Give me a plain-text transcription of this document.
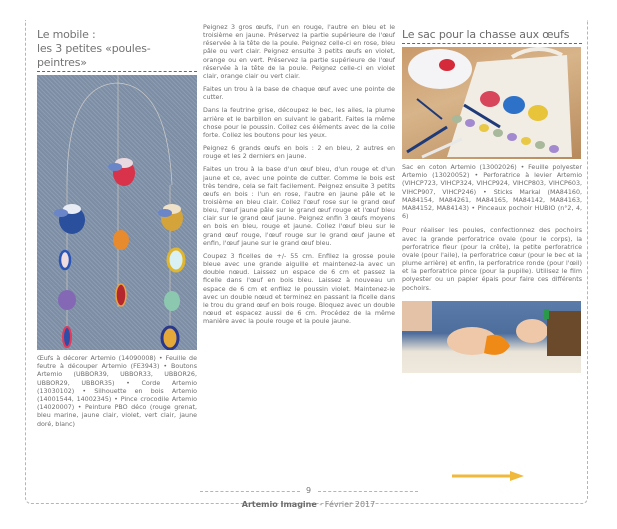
Le mobile :
les 3 petites «poules- peintres»
Œufs à décorer Artemio (14090008) • Feuille de feutre à découper Artemio (FE3943) • Boutons Artemio (UBBOR39, UBBOR33, UBBOR26, UBBOR29, UBBOR35) • Corde Artemio (13030102) • Silhouette en bois Artemio (14001544, 14002345) • Pince crocodile Artemio (14020007) • Peinture PBO déco (rouge grenat, bleu marine, jaune clair, violet, vert clair, jaune doré, blanc)

Peignez 3 gros œufs, l'un en rouge, l'autre en bleu et le troisième en jaune. Préservez la partie supérieure de l'œuf réservée à la tête de la poule. Peignez celle-ci en rose, bleu pâle ou vert clair. Peignez ensuite 3 petits œufs en violet, orange ou en vert. Préservez la partie supérieure de l'œuf réservée à la tête de la poule. Peignez celle-ci en violet clair, orange clair ou vert clair.

Faites un trou à la base de chaque œuf avec une pointe de cutter.

Dans la feutrine grise, découpez le bec, les ailes, la plume arrière et le barbillon en suivant le gabarit. Faites la même chose pour le poussin. Collez ces éléments avec de la colle forte. Collez les boutons pour les yeux.

Peignez 6 grands œufs en bois : 2 en bleu, 2 autres en rouge et les 2 derniers en jaune.

Faites un trou à la base d'un œuf bleu, d'un rouge et d'un jaune et ce, avec une pointe de cutter. Comme le bois est très tendre, cela se fait facilement. Peignez ensuite 3 petits œufs en bois : l'un en rose, l'autre en jaune pâle et le troisième en bleu clair. Collez l'œuf rose sur le grand œuf bleu, l'œuf jaune pâle sur le grand œuf rouge et l'œuf bleu clair sur le grand œuf jaune. Peignez enfin 3 œufs moyens en bois en bleu, rouge et jaune. Collez l'œuf bleu sur le grand œuf rouge, l'œuf rouge sur le grand œuf jaune et enfin, l'œuf jaune sur le grand œuf bleu.

Coupez 3 ficelles de +/- 55 cm. Enfilez la grosse poule bleue avec une grande aiguille et maintenez-la avec un double nœud. Laissez un espace de 6 cm et passez la ficelle dans l'œuf en bois bleu. Laissez à nouveau un espace de 6 cm et enfilez le poussin violet. Maintenez-le avec un double nœud et terminez en passant la ficelle dans le trou du grand œuf en bois rouge. Bloquez avec un double nœud et espacez aussi de 6 cm. Procédez de la même manière avec la poule rouge et la poule jaune.

Le sac pour la chasse aux œufs
Sac en coton Artemio (13002026) • Feuille polyester Artemio (13020052) • Perforatrice à levier Artemio (VIHCP723, VIHCP324, VIHCP924, VIHCP803, VIHCP603, VIHCP907, VIHCP246) • Sticks Markal (MA84160, MA84154, MA84261, MA84165, MA84142, MA84163, MA84152, MA84143) • Pinceaux pochoir HUBIO (n°2, 4, 6)

Pour réaliser les poules, confectionnez des pochoirs avec la grande perforatrice ovale (pour le corps), la perforatrice fleur (pour la crête), la petite perforatrice ovale (pour l'aile), la perforatrice cœur (pour le bec et la plume arrière) et enfin, la perforatrice ronde (pour l'œil) et la perforatrice pince (pour la pupille). Utilisez le film polyester ou un papier épais pour faire ces différents pochoirs.

9
Artemio Imagine - Février 2017
